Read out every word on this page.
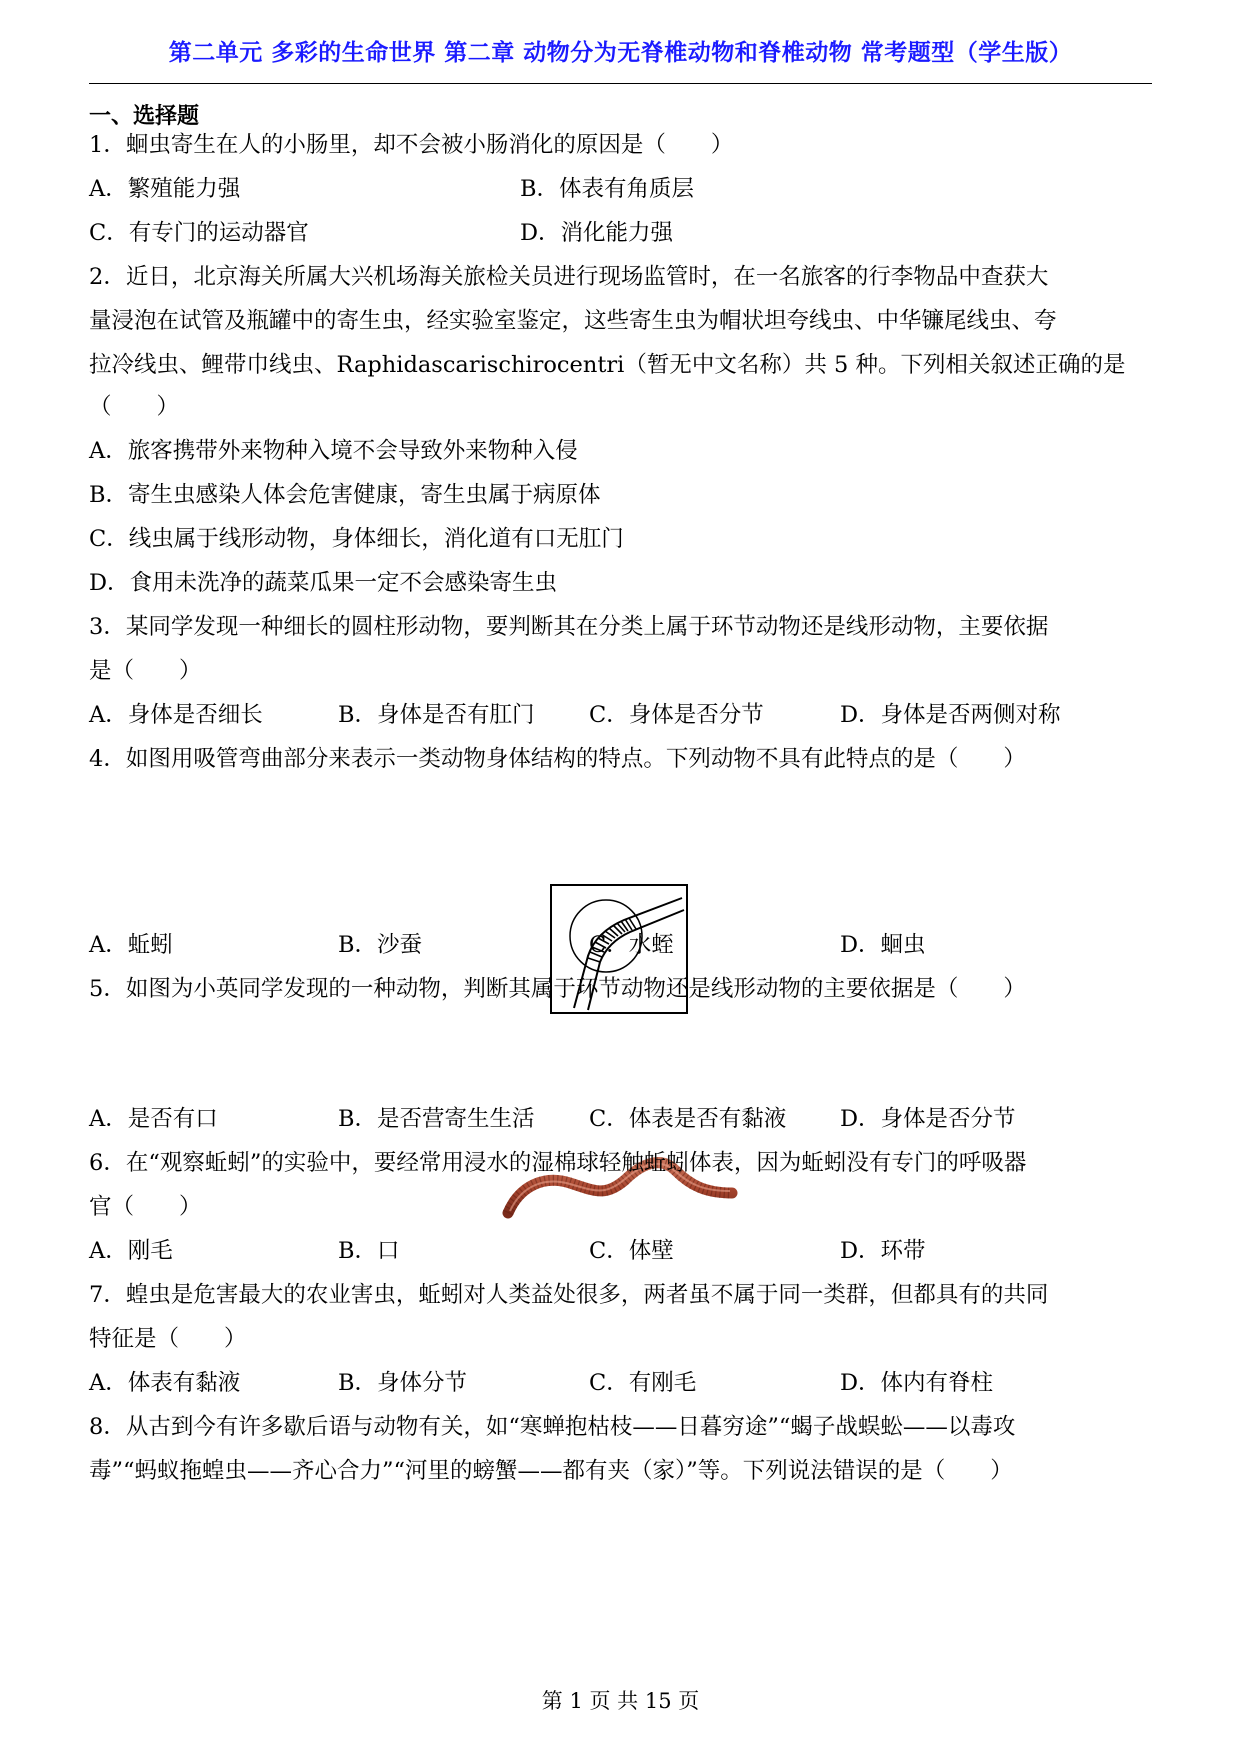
第二单元 多彩的生命世界 第二章 动物分为无脊椎动物和脊椎动物 常考题型（学生版）
一、选择题
1．蛔虫寄生在人的小肠里，却不会被小肠消化的原因是（　　）
A．繁殖能力强	B．体表有角质层
C．有专门的运动器官	D．消化能力强
2．近日，北京海关所属大兴机场海关旅检关员进行现场监管时，在一名旅客的行李物品中查获大
量浸泡在试管及瓶罐中的寄生虫，经实验室鉴定，这些寄生虫为帽状坦夸线虫、中华镰尾线虫、夸
拉冷线虫、鲤带巾线虫、Raphidascarischirocentri（暂无中文名称）共 5 种。下列相关叙述正确的是
（　　）
A．旅客携带外来物种入境不会导致外来物种入侵
B．寄生虫感染人体会危害健康，寄生虫属于病原体
C．线虫属于线形动物，身体细长，消化道有口无肛门
D．食用未洗净的蔬菜瓜果一定不会感染寄生虫
3．某同学发现一种细长的圆柱形动物，要判断其在分类上属于环节动物还是线形动物，主要依据
是（　　）
A．身体是否细长	B．身体是否有肛门 C．身体是否分节	D．身体是否两侧对称
4．如图用吸管弯曲部分来表示一类动物身体结构的特点。下列动物不具有此特点的是（　　）
A．蚯蚓	B．沙蚕	C．水蛭	D．蛔虫
5．如图为小英同学发现的一种动物，判断其属于环节动物还是线形动物的主要依据是（　　）
A．是否有口	B．是否营寄生生活 C．体表是否有黏液 D．身体是否分节
6．在“观察蚯蚓”的实验中，要经常用浸水的湿棉球轻触蚯蚓体表，因为蚯蚓没有专门的呼吸器
官（　　）
A．刚毛	B．口	C．体壁	D．环带
7．蝗虫是危害最大的农业害虫，蚯蚓对人类益处很多，两者虽不属于同一类群，但都具有的共同
特征是（　　）
A．体表有黏液	B．身体分节	C．有刚毛	D．体内有脊柱
8．从古到今有许多歇后语与动物有关，如“寒蝉抱枯枝——日暮穷途”“蝎子战蜈蚣——以毒攻
毒”“蚂蚁拖蝗虫——齐心合力”“河里的螃蟹——都有夹（家）”等。下列说法错误的是（　　）
第 1 页 共 15 页
